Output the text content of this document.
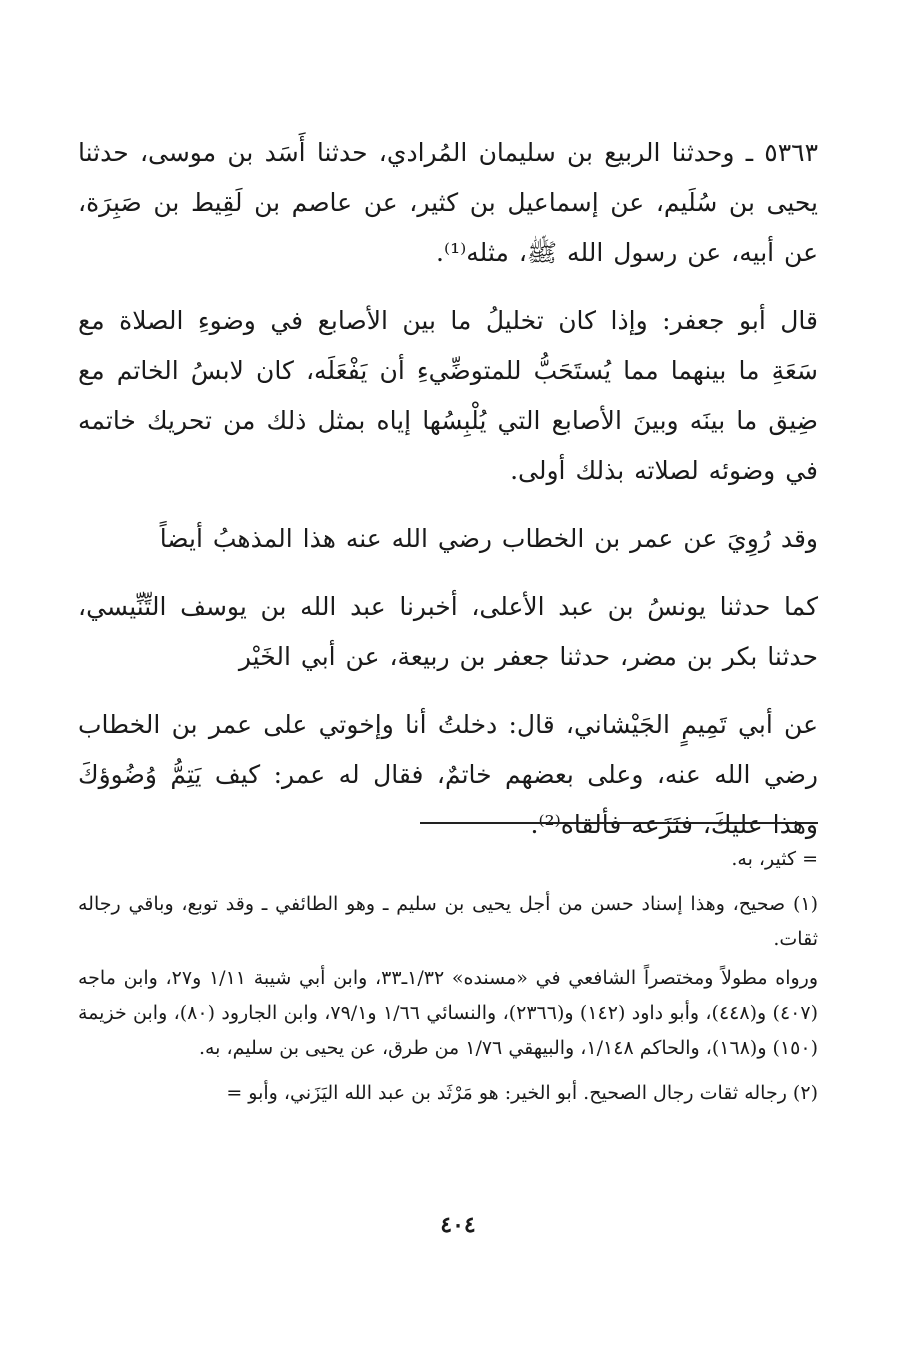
٥٣٦٣ ـ وحدثنا الربيع بن سليمان المُرادي، حدثنا أَسَد بن موسى، حدثنا يحيى بن سُلَيم، عن إسماعيل بن كثير، عن عاصم بن لَقِيط بن صَبِرَة، عن أبيه، عن رسول الله ﷺ، مثله⁽¹⁾.

قال أبو جعفر: وإذا كان تخليلُ ما بين الأصابع في وضوءِ الصلاة مع سَعَةِ ما بينهما مما يُستَحَبُّ للمتوضِّيءِ أن يَفْعَلَه، كان لابسُ الخاتم مع ضِيق ما بينَه وبينَ الأصابع التي يُلْبِسُها إياه بمثل ذلك من تحريك خاتمه في وضوئه لصلاته بذلك أولى.

وقد رُوِيَ عن عمر بن الخطاب رضي الله عنه هذا المذهبُ أيضاً

كما حدثنا يونسُ بن عبد الأعلى، أخبرنا عبد الله بن يوسف التِّنِّيسي، حدثنا بكر بن مضر، حدثنا جعفر بن ربيعة، عن أبي الخَيْر

عن أبي تَمِيمٍ الجَيْشاني، قال: دخلتُ أنا وإخوتي على عمر بن الخطاب رضي الله عنه، وعلى بعضهم خاتمٌ، فقال له عمر: كيف يَتِمُّ وُضُوؤكَ وهذا عليكَ، فنَزَعه فألقاه⁽²⁾.

= كثير، به.

(١) صحيح، وهذا إسناد حسن من أجل يحيى بن سليم ـ وهو الطائفي ـ وقد توبع، وباقي رجاله ثقات.

ورواه مطولاً ومختصراً الشافعي في «مسنده» ١/٣٢ـ٣٣، وابن أبي شيبة ١/١١ و٢٧، وابن ماجه (٤٠٧) و(٤٤٨)، وأبو داود (١٤٢) و(٢٣٦٦)، والنسائي ١/٦٦ و٧٩/١، وابن الجارود (٨٠)، وابن خزيمة (١٥٠) و(١٦٨)، والحاكم ١/١٤٨، والبيهقي ١/٧٦ من طرق، عن يحيى بن سليم، به.

(٢) رجاله ثقات رجال الصحيح. أبو الخير: هو مَرْثَد بن عبد الله اليَزَني، وأبو =

٤٠٤
